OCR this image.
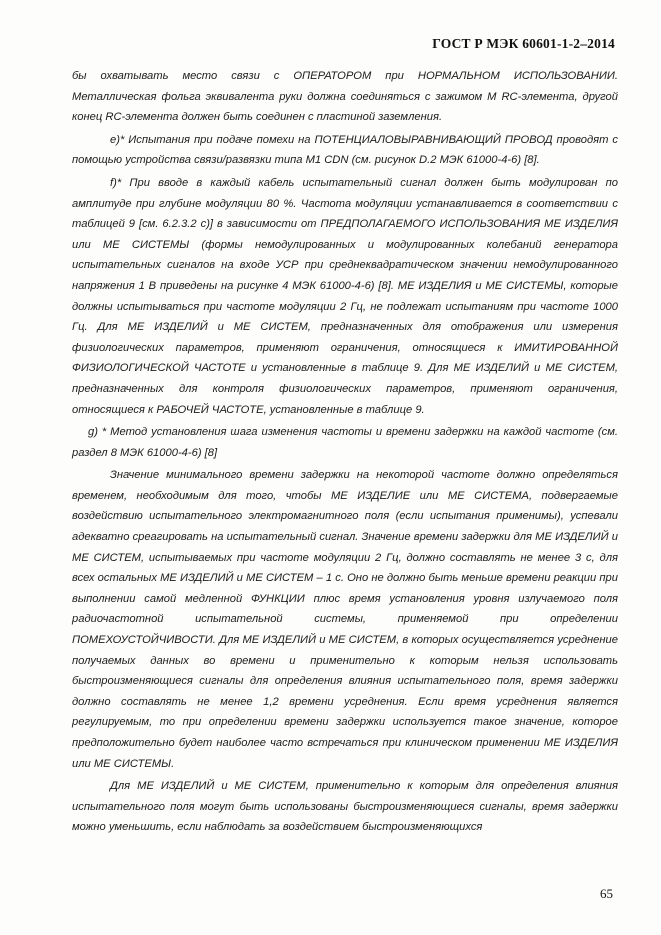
ГОСТ Р МЭК 60601-1-2–2014

бы охватывать место связи с ОПЕРАТОРОМ при НОРМАЛЬНОМ ИСПОЛЬЗОВАНИИ. Металлическая фольга эквивалента руки должна соединяться с зажимом М RC-элемента, другой конец RC-элемента должен быть соединен с пластиной заземления.

е)* Испытания при подаче помехи на ПОТЕНЦИАЛОВЫРАВНИВАЮЩИЙ ПРОВОД проводят с помощью устройства связи/развязки типа M1 CDN (см. рисунок D.2 МЭК 61000-4-6) [8].

f)* При вводе в каждый кабель испытательный сигнал должен быть модулирован по амплитуде при глубине модуляции 80 %. Частота модуляции устанавливается в соответствии с таблицей 9 [см. 6.2.3.2 с)] в зависимости от ПРЕДПОЛАГАЕМОГО ИСПОЛЬЗОВАНИЯ МЕ ИЗДЕЛИЯ или МЕ СИСТЕМЫ (формы немодулированных и модулированных колебаний генератора испытательных сигналов на входе УСР при среднеквадратическом значении немодулированного напряжения 1 В приведены на рисунке 4 МЭК 61000-4-6) [8]. МЕ ИЗДЕЛИЯ и МЕ СИСТЕМЫ, которые должны испытываться при частоте модуляции 2 Гц, не подлежат испытаниям при частоте 1000 Гц. Для МЕ ИЗДЕЛИЙ и МЕ СИСТЕМ, предназначенных для отображения или измерения физиологических параметров, применяют ограничения, относящиеся к ИМИТИРОВАННОЙ ФИЗИОЛОГИЧЕСКОЙ ЧАСТОТЕ и установленные в таблице 9. Для МЕ ИЗДЕЛИЙ и МЕ СИСТЕМ, предназначенных для контроля физиологических параметров, применяют ограничения, относящиеся к РАБОЧЕЙ ЧАСТОТЕ, установленные в таблице 9.

g) * Метод установления шага изменения частоты и времени задержки на каждой частоте (см. раздел 8 МЭК 61000-4-6) [8]

Значение минимального времени задержки на некоторой частоте должно определяться временем, необходимым для того, чтобы МЕ ИЗДЕЛИЕ или МЕ СИСТЕМА, подвергаемые воздействию испытательного электромагнитного поля (если испытания применимы), успевали адекватно среагировать на испытательный сигнал. Значение времени задержки для МЕ ИЗДЕЛИЙ и МЕ СИСТЕМ, испытываемых при частоте модуляции 2 Гц, должно составлять не менее 3 с, для всех остальных МЕ ИЗДЕЛИЙ и МЕ СИСТЕМ – 1 с. Оно не должно быть меньше времени реакции при выполнении самой медленной ФУНКЦИИ плюс время установления уровня излучаемого поля радиочастотной испытательной системы, применяемой при определении ПОМЕХОУСТОЙЧИВОСТИ. Для МЕ ИЗДЕЛИЙ и МЕ СИСТЕМ, в которых осуществляется усреднение получаемых данных во времени и применительно к которым нельзя использовать быстроизменяющиеся сигналы для определения влияния испытательного поля, время задержки должно составлять не менее 1,2 времени усреднения. Если время усреднения является регулируемым, то при определении времени задержки используется такое значение, которое предположительно будет наиболее часто встречаться при клиническом применении МЕ ИЗДЕЛИЯ или МЕ СИСТЕМЫ.

Для МЕ ИЗДЕЛИЙ и МЕ СИСТЕМ, применительно к которым для определения влияния испытательного поля могут быть использованы быстроизменяющиеся сигналы, время задержки можно уменьшить, если наблюдать за воздействием быстроизменяющихся

65
